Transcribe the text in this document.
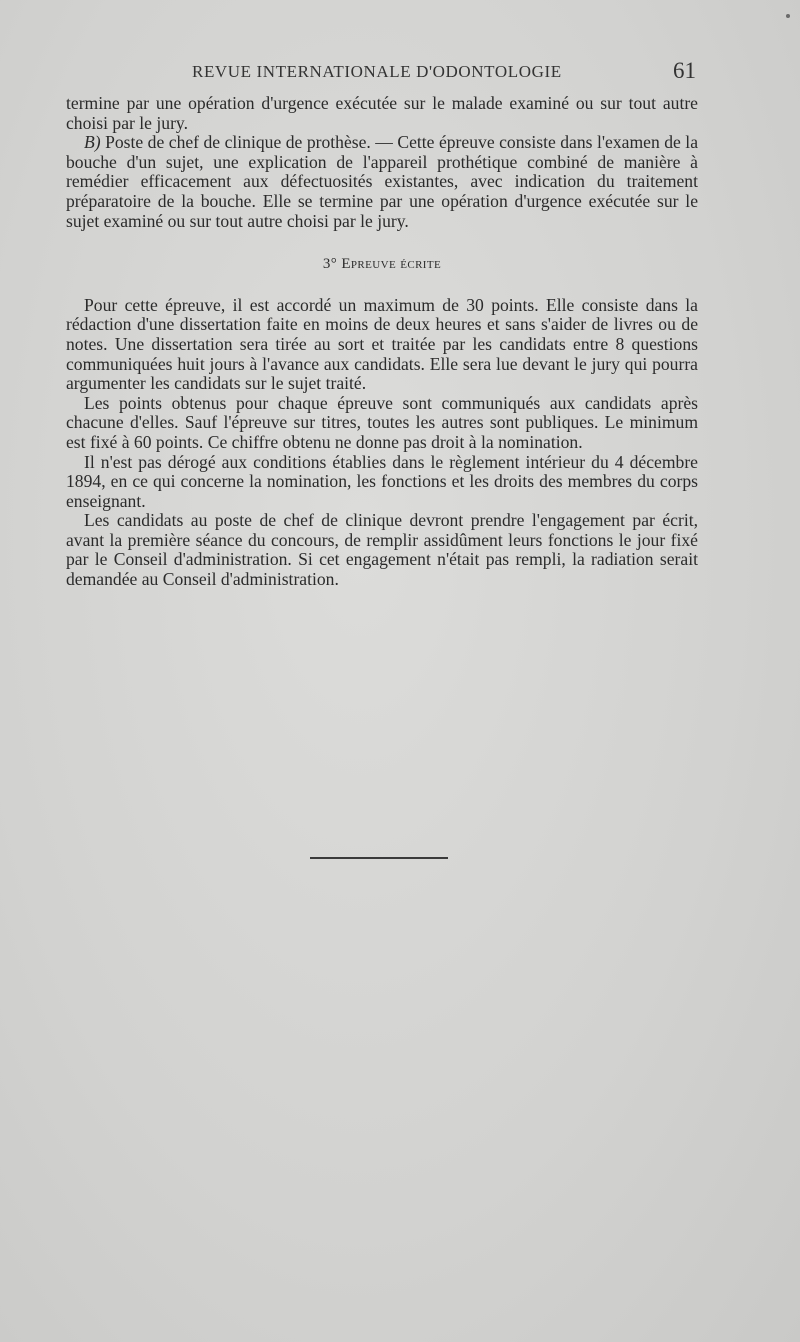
REVUE INTERNATIONALE D'ODONTOLOGIE	61

termine par une opération d'urgence exécutée sur le malade examiné ou sur tout autre choisi par le jury.

B) Poste de chef de clinique de prothèse. — Cette épreuve consiste dans l'examen de la bouche d'un sujet, une explication de l'appareil prothétique combiné de manière à remédier efficacement aux défectuosités existantes, avec indication du traitement préparatoire de la bouche. Elle se termine par une opération d'urgence exécutée sur le sujet examiné ou sur tout autre choisi par le jury.

3° Epreuve écrite

Pour cette épreuve, il est accordé un maximum de 30 points. Elle consiste dans la rédaction d'une dissertation faite en moins de deux heures et sans s'aider de livres ou de notes. Une dissertation sera tirée au sort et traitée par les candidats entre 8 questions communiquées huit jours à l'avance aux candidats. Elle sera lue devant le jury qui pourra argumenter les candidats sur le sujet traité.

Les points obtenus pour chaque épreuve sont communiqués aux candidats après chacune d'elles. Sauf l'épreuve sur titres, toutes les autres sont publiques. Le minimum est fixé à 60 points. Ce chiffre obtenu ne donne pas droit à la nomination.

Il n'est pas dérogé aux conditions établies dans le règlement intérieur du 4 décembre 1894, en ce qui concerne la nomination, les fonctions et les droits des membres du corps enseignant.

Les candidats au poste de chef de clinique devront prendre l'engagement par écrit, avant la première séance du concours, de remplir assidûment leurs fonctions le jour fixé par le Conseil d'administration. Si cet engagement n'était pas rempli, la radiation serait demandée au Conseil d'administration.
